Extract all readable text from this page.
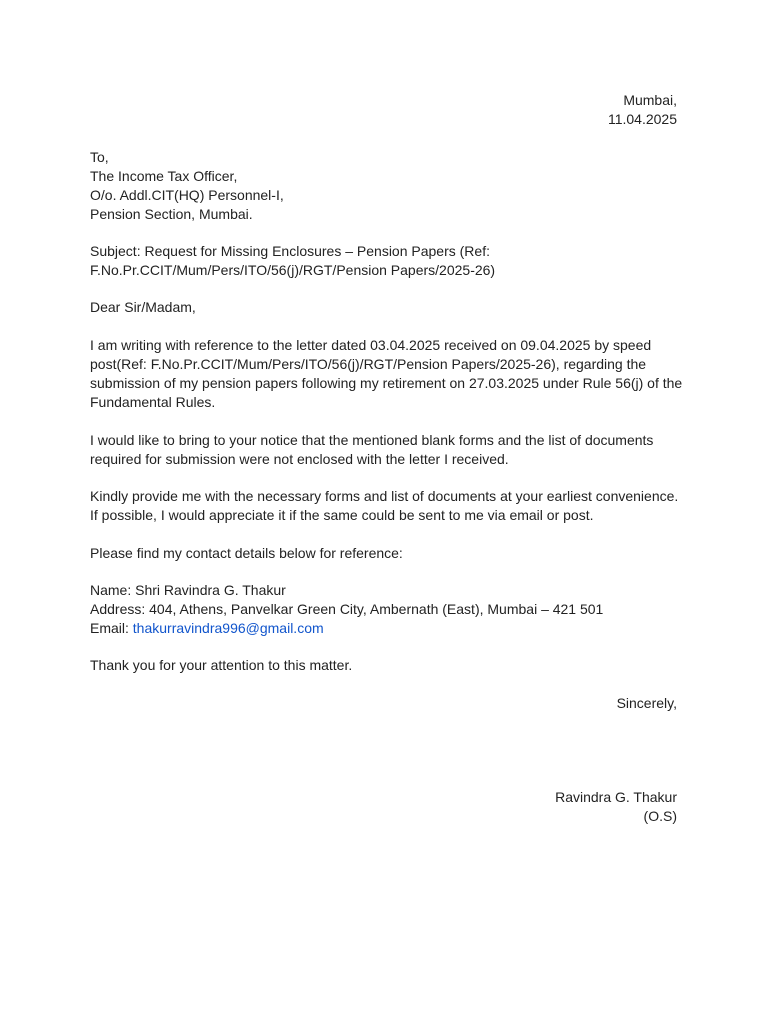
Mumbai,
11.04.2025
To,
The Income Tax Officer,
O/o. Addl.CIT(HQ) Personnel-I,
Pension Section, Mumbai.
Subject: Request for Missing Enclosures – Pension Papers (Ref:
F.No.Pr.CCIT/Mum/Pers/ITO/56(j)/RGT/Pension Papers/2025-26)
Dear Sir/Madam,
I am writing with reference to the letter dated 03.04.2025 received on 09.04.2025 by speed
post(Ref: F.No.Pr.CCIT/Mum/Pers/ITO/56(j)/RGT/Pension Papers/2025-26), regarding the
submission of my pension papers following my retirement on 27.03.2025 under Rule 56(j) of the
Fundamental Rules.
I would like to bring to your notice that the mentioned blank forms and the list of documents
required for submission were not enclosed with the letter I received.
Kindly provide me with the necessary forms and list of documents at your earliest convenience.
If possible, I would appreciate it if the same could be sent to me via email or post.
Please find my contact details below for reference:
Name: Shri Ravindra G. Thakur
Address: 404, Athens, Panvelkar Green City, Ambernath (East), Mumbai – 421 501
Email: thakurravindra996@gmail.com
Thank you for your attention to this matter.
Sincerely,
Ravindra G. Thakur
(O.S)
